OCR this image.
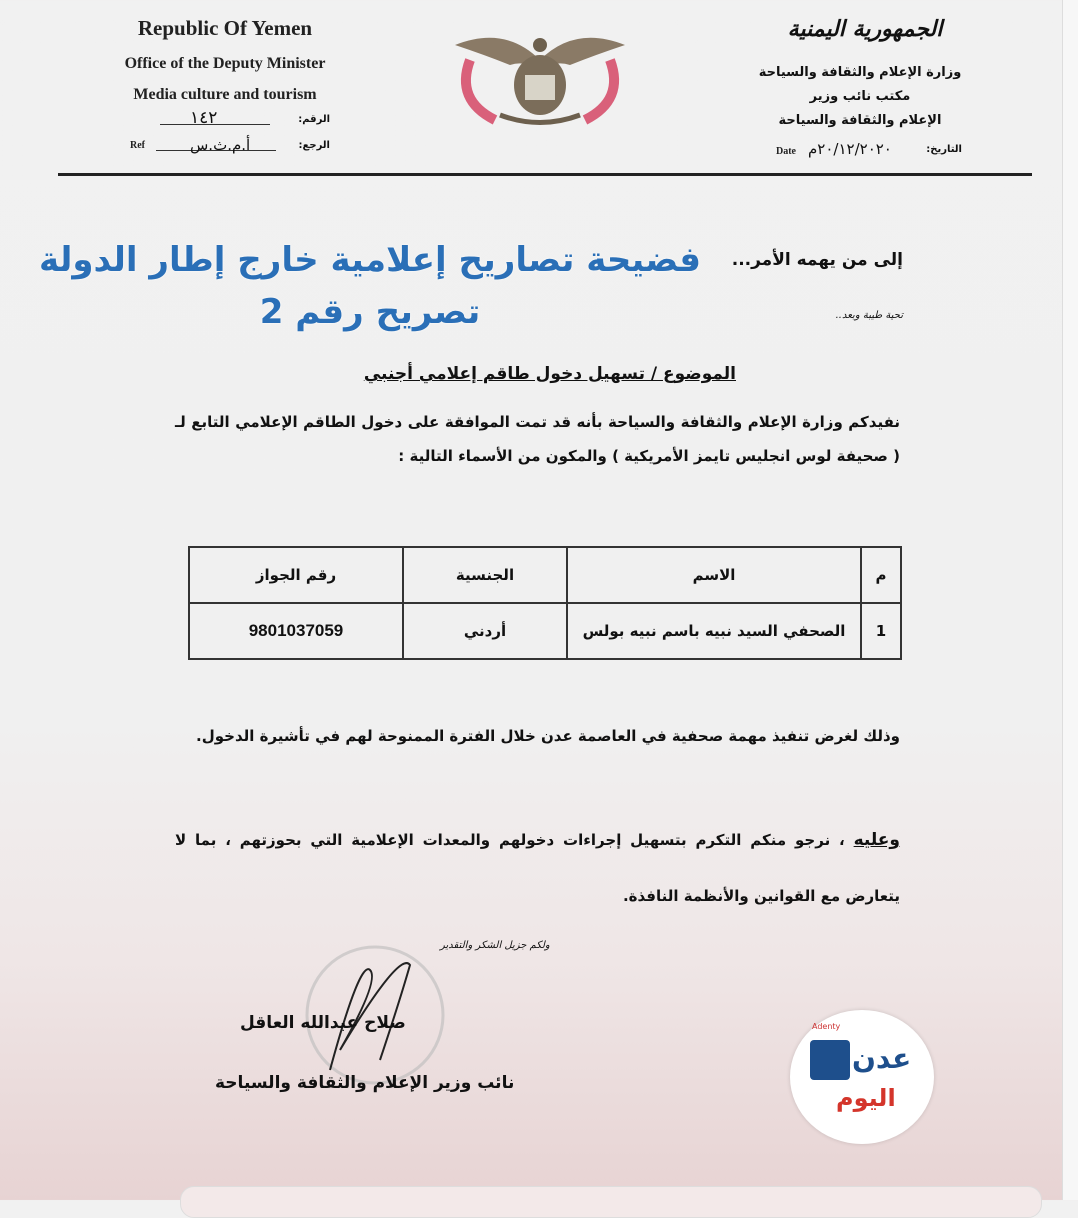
Republic Of Yemen
Office of the Deputy Minister
Media culture and tourism
١٤٢	الرقم:
Ref	أ.م.ث.س	الرجع:
الجمهورية اليمنية
وزارة الإعلام والثقافة والسياحة
مكتب نائب وزير
الإعلام والثقافة والسياحة
Date ٢٠/١٢/٢٠٢٠م	التاريخ:
إلى من يهمه الأمر...
تحية طيبة وبعد..
فضيحة تصاريح إعلامية خارج إطار الدولة
تصريح رقم 2
الموضوع / تسهيل دخول طاقم إعلامي أجنبي
نفيدكم وزارة الإعلام والثقافة والسياحة بأنه قد تمت الموافقة على دخول الطاقم الإعلامي التابع لـ ( صحيفة لوس انجليس تايمز الأمريكية ) والمكون من الأسماء التالية :
م	الاسم	الجنسية	رقم الجواز
1	الصحفي السيد نبيه باسم نبيه بولس	أردني	9801037059
وذلك لغرض تنفيذ مهمة صحفية في العاصمة عدن خلال الفترة الممنوحة لهم في تأشيرة الدخول.
وعليه ، نرجو منكم التكرم بتسهيل إجراءات دخولهم والمعدات الإعلامية التي بحوزتهم ، بما لا يتعارض مع القوانين والأنظمة النافذة.
ولكم جزيل الشكر والتقدير
صلاح عبدالله العاقل
نائب وزير الإعلام والثقافة والسياحة
Adenty
عدن
اليوم
